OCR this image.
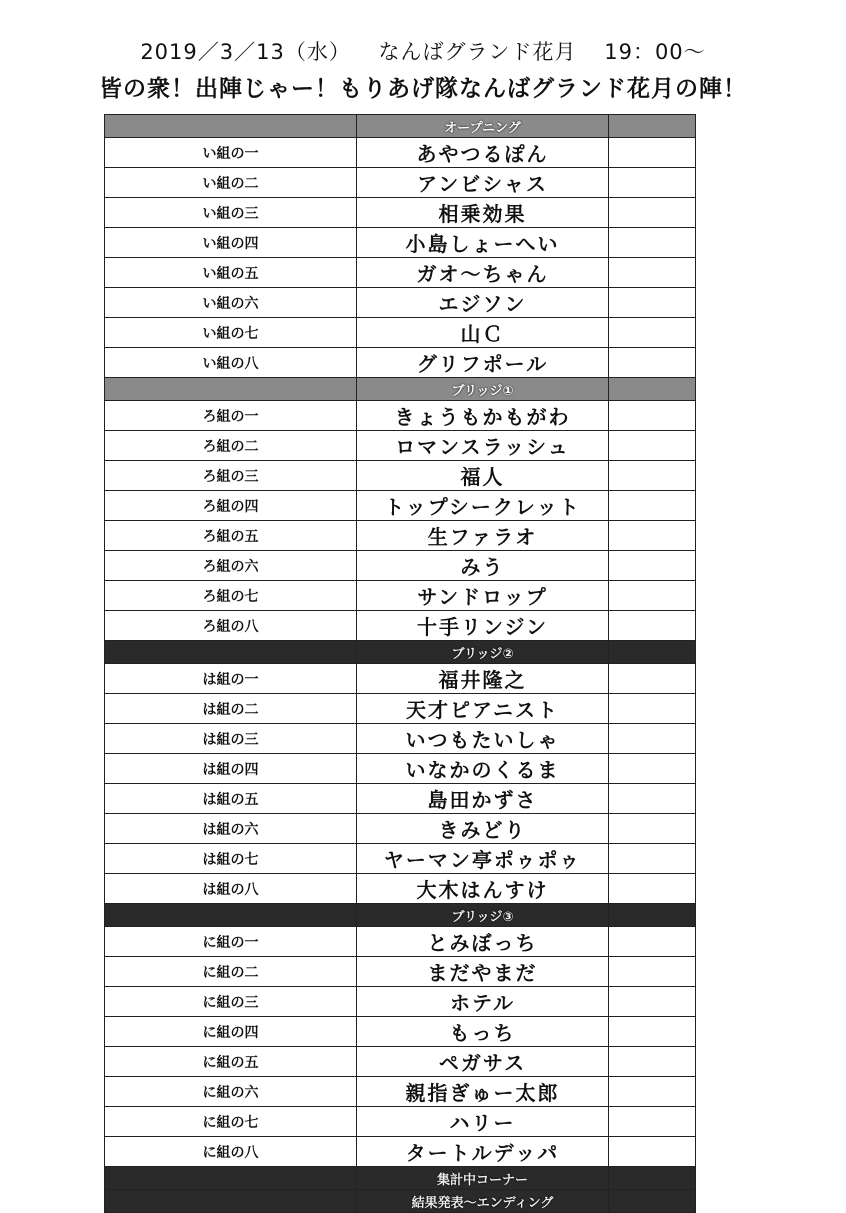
2019／3／13（水） なんばグランド花月 19：00～
皆の衆！出陣じゃー！もりあげ隊なんばグランド花月の陣！
	オープニング	
い組の一	あやつるぽん	
い組の二	アンビシャス	
い組の三	相乗効果	
い組の四	小島しょーへい	
い組の五	ガオ～ちゃん	
い組の六	エジソン	
い組の七	山Ｃ	
い組の八	グリフポール	
	ブリッジ①	
ろ組の一	きょうもかもがわ	
ろ組の二	ロマンスラッシュ	
ろ組の三	福人	
ろ組の四	トップシークレット	
ろ組の五	生ファラオ	
ろ組の六	みう	
ろ組の七	サンドロップ	
ろ組の八	十手リンジン	
	ブリッジ②	
は組の一	福井隆之	
は組の二	天才ピアニスト	
は組の三	いつもたいしゃ	
は組の四	いなかのくるま	
は組の五	島田かずさ	
は組の六	きみどり	
は組の七	ヤーマン亭ポゥポゥ	
は組の八	大木はんすけ	
	ブリッジ③	
に組の一	とみぼっち	
に組の二	まだやまだ	
に組の三	ホテル	
に組の四	もっち	
に組の五	ペガサス	
に組の六	親指ぎゅー太郎	
に組の七	ハリー	
に組の八	タートルデッパ	
	集計中コーナー	
	結果発表～エンディング	
